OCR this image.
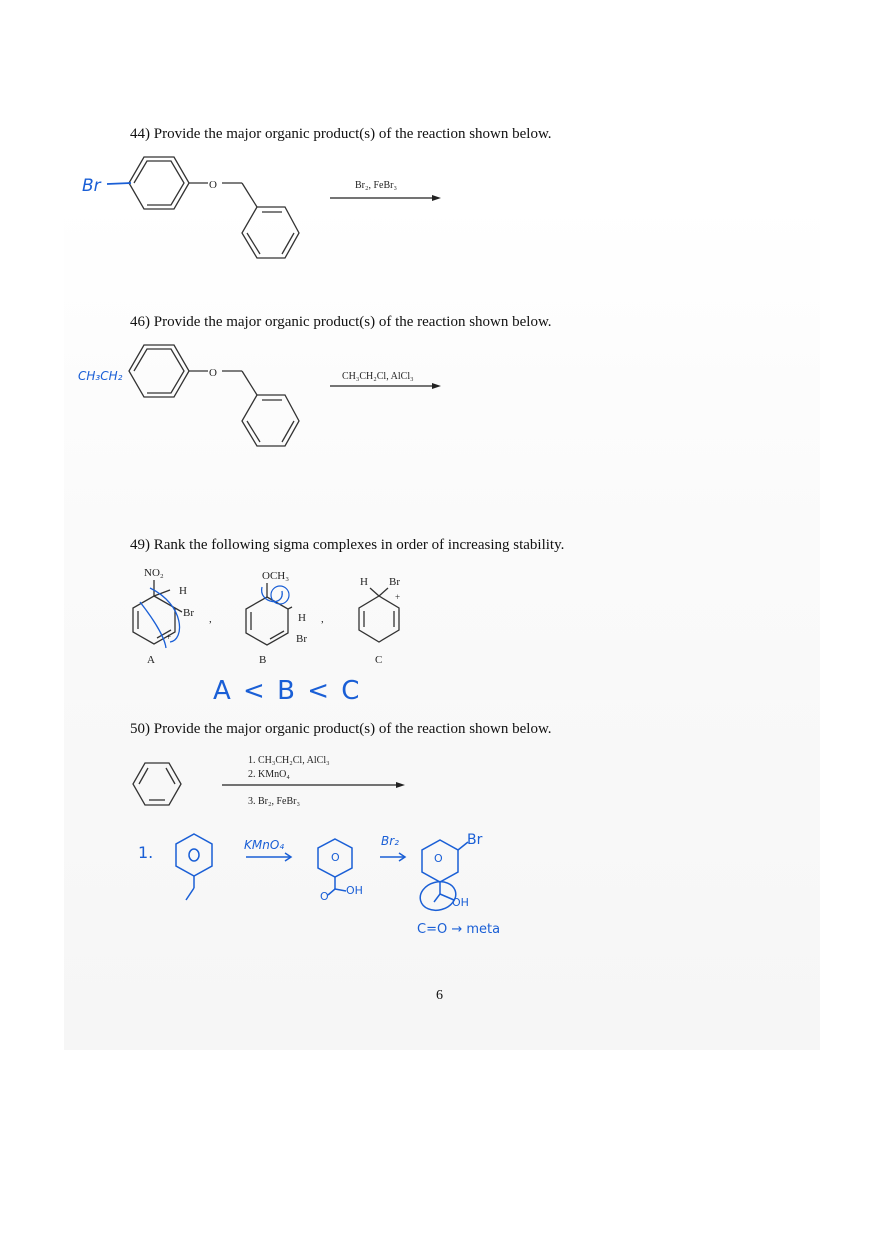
44) Provide the major organic product(s) of the reaction shown below.
O
Br	Br₂, FeBr₃
46) Provide the major organic product(s) of the reaction shown below.
O
CH₃CH₂	CH₃CH₂Cl, AlCl₃
49) Rank the following sigma complexes in order of increasing stability.
NO₂
H
Br
+
,
A
OCH₃
H
Br
,
B
H Br
+
C
A < B < C
50) Provide the major organic product(s) of the reaction shown below.
1. CH₃CH₂Cl, AlCl₃
2. KMnO₄
3. Br₂, FeBr₃
1.	KMnO₄
O
OH
O
Br₂
O
Br
OH
C=O → meta
6
